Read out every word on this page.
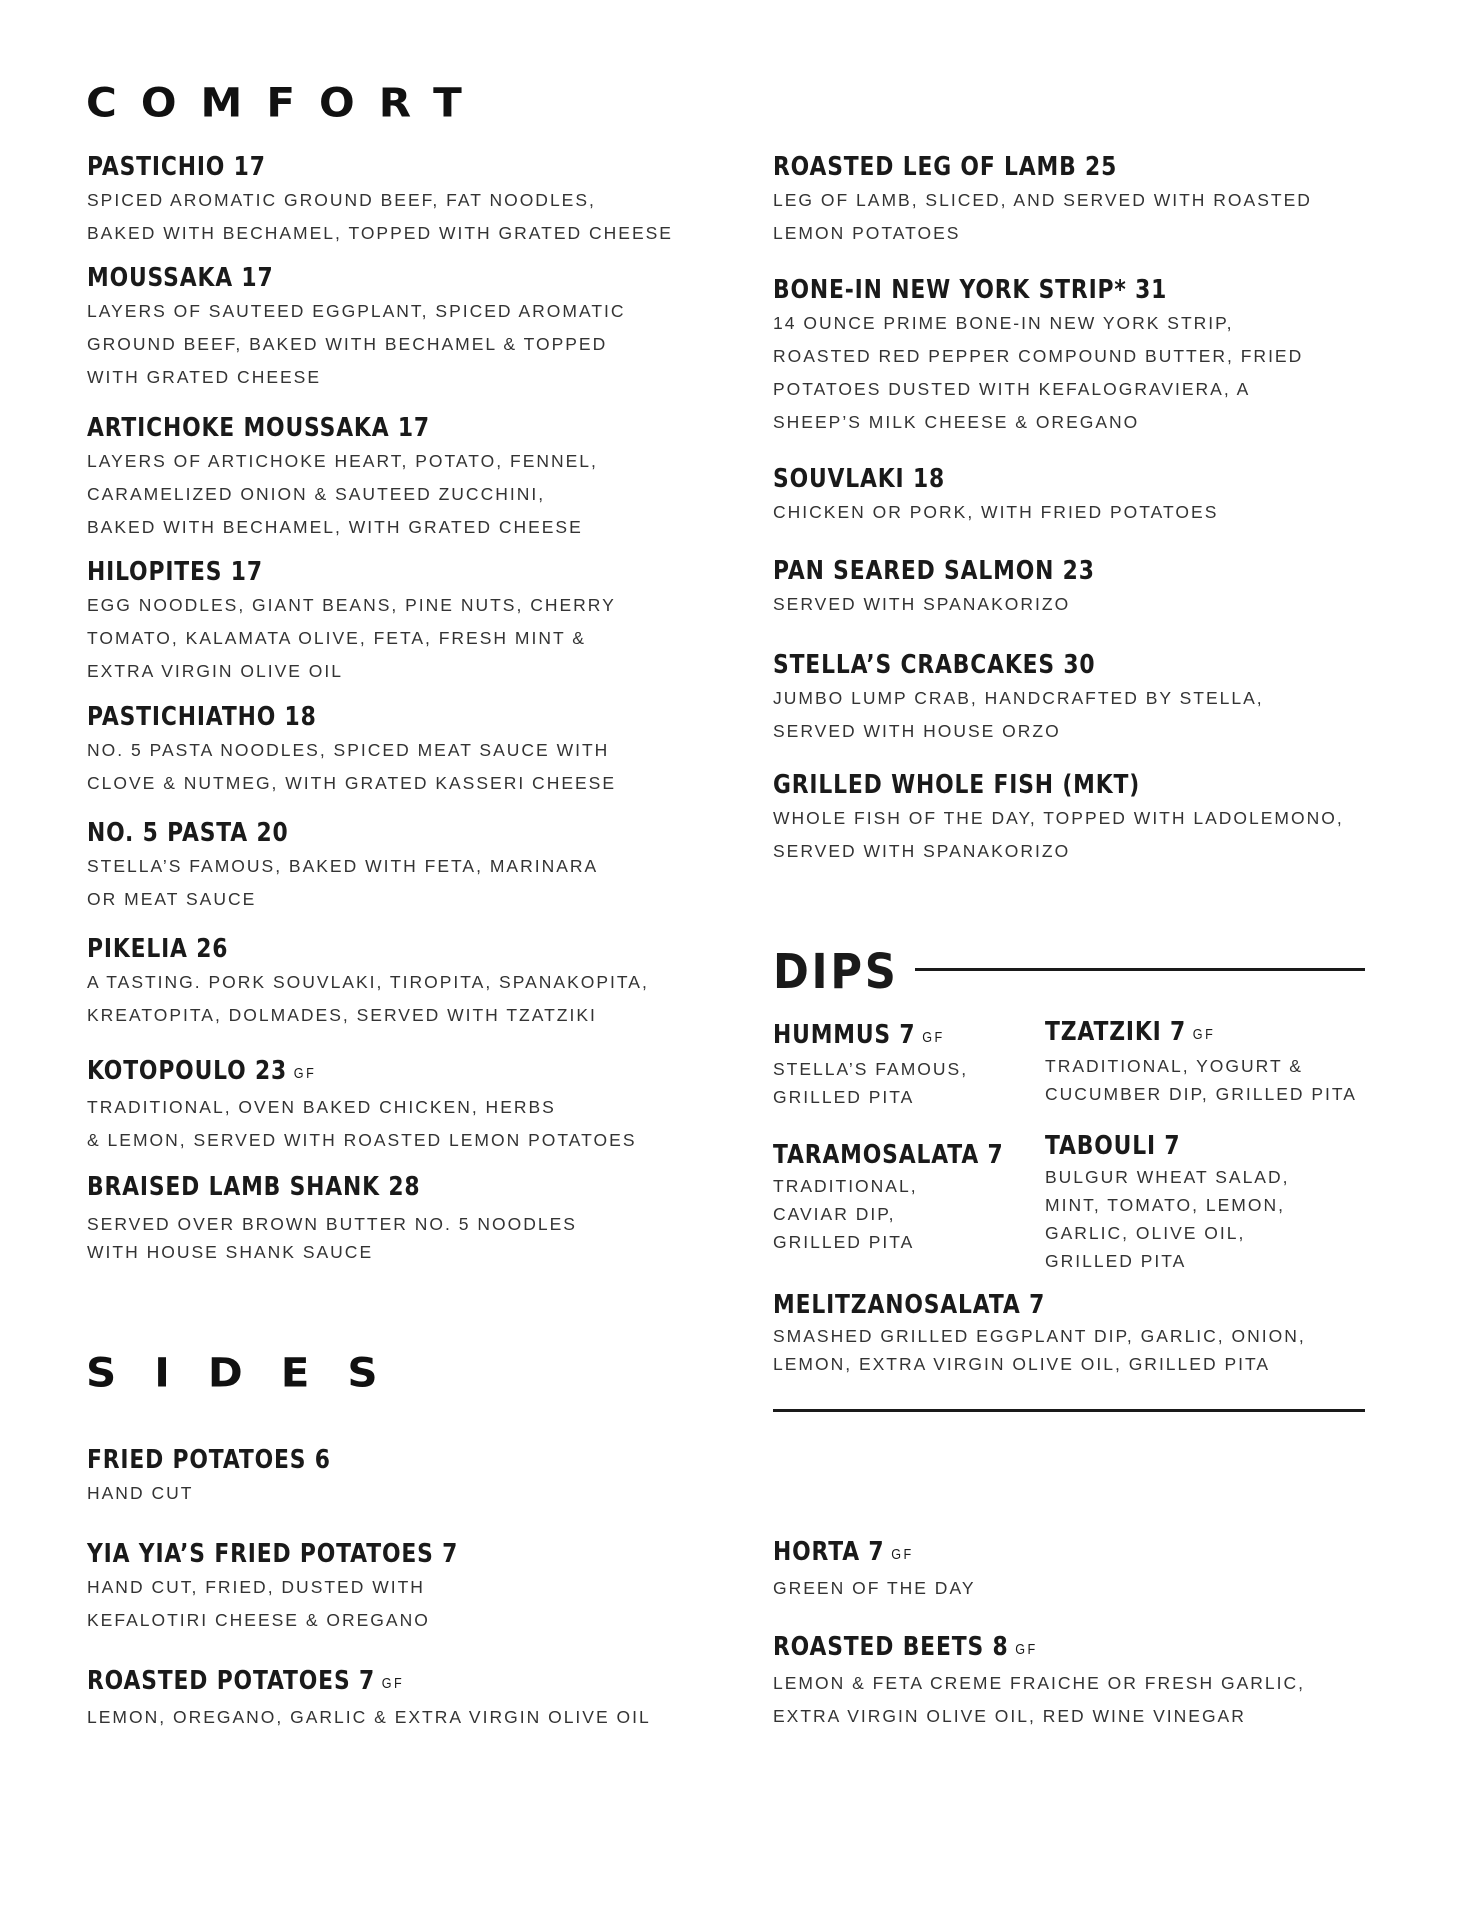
COMFORT
PASTICHIO 17
SPICED AROMATIC GROUND BEEF, FAT NOODLES,
BAKED WITH BECHAMEL, TOPPED WITH GRATED CHEESE
MOUSSAKA 17
LAYERS OF SAUTEED EGGPLANT, SPICED AROMATIC
GROUND BEEF, BAKED WITH BECHAMEL & TOPPED
WITH GRATED CHEESE
ARTICHOKE MOUSSAKA 17
LAYERS OF ARTICHOKE HEART, POTATO, FENNEL,
CARAMELIZED ONION & SAUTEED ZUCCHINI,
BAKED WITH BECHAMEL, WITH GRATED CHEESE
HILOPITES 17
EGG NOODLES, GIANT BEANS, PINE NUTS, CHERRY
TOMATO, KALAMATA OLIVE, FETA, FRESH MINT &
EXTRA VIRGIN OLIVE OIL
PASTICHIATHO 18
NO. 5 PASTA NOODLES, SPICED MEAT SAUCE WITH
CLOVE & NUTMEG, WITH GRATED KASSERI CHEESE
NO. 5 PASTA 20
STELLA’S FAMOUS, BAKED WITH FETA, MARINARA
OR MEAT SAUCE
PIKELIA 26
A TASTING. PORK SOUVLAKI, TIROPITA, SPANAKOPITA,
KREATOPITA, DOLMADES, SERVED WITH TZATZIKI
KOTOPOULO 23 GF
TRADITIONAL, OVEN BAKED CHICKEN, HERBS
& LEMON, SERVED WITH ROASTED LEMON POTATOES
BRAISED LAMB SHANK 28
SERVED OVER BROWN BUTTER NO. 5 NOODLES
WITH HOUSE SHANK SAUCE
ROASTED LEG OF LAMB 25
LEG OF LAMB, SLICED, AND SERVED WITH ROASTED
LEMON POTATOES
BONE-IN NEW YORK STRIP* 31
14 OUNCE PRIME BONE-IN NEW YORK STRIP,
ROASTED RED PEPPER COMPOUND BUTTER, FRIED
POTATOES DUSTED WITH KEFALOGRAVIERA, A
SHEEP’S MILK CHEESE & OREGANO
SOUVLAKI 18
CHICKEN OR PORK, WITH FRIED POTATOES
PAN SEARED SALMON 23
SERVED WITH SPANAKORIZO
STELLA’S CRABCAKES 30
JUMBO LUMP CRAB, HANDCRAFTED BY STELLA,
SERVED WITH HOUSE ORZO
GRILLED WHOLE FISH (MKT)
WHOLE FISH OF THE DAY, TOPPED WITH LADOLEMONO,
SERVED WITH SPANAKORIZO
DIPS
HUMMUS 7 GF
STELLA’S FAMOUS,
GRILLED PITA
TZATZIKI 7 GF
TRADITIONAL, YOGURT &
CUCUMBER DIP, GRILLED PITA
TARAMOSALATA 7
TRADITIONAL,
CAVIAR DIP,
GRILLED PITA
TABOULI 7
BULGUR WHEAT SALAD,
MINT, TOMATO, LEMON,
GARLIC, OLIVE OIL,
GRILLED PITA
MELITZANOSALATA 7
SMASHED GRILLED EGGPLANT DIP, GARLIC, ONION,
LEMON, EXTRA VIRGIN OLIVE OIL, GRILLED PITA
SIDES
FRIED POTATOES 6
HAND CUT
YIA YIA’S FRIED POTATOES 7
HAND CUT, FRIED, DUSTED WITH
KEFALOTIRI CHEESE & OREGANO
ROASTED POTATOES 7 GF
LEMON, OREGANO, GARLIC & EXTRA VIRGIN OLIVE OIL
HORTA 7 GF
GREEN OF THE DAY
ROASTED BEETS 8 GF
LEMON & FETA CREME FRAICHE OR FRESH GARLIC,
EXTRA VIRGIN OLIVE OIL, RED WINE VINEGAR
